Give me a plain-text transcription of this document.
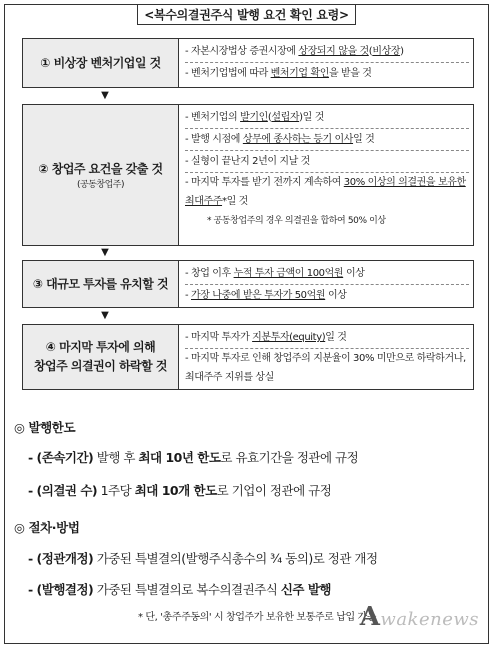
<복수의결권주식 발행 요건 확인 요령>
① 비상장 벤처기업일 것
- 자본시장법상 증권시장에 상장되지 않을 것(비상장)
- 벤처기업법에 따라 벤처기업 확인을 받을 것
▼
② 창업주 요건을 갖출 것
(공동창업주)
- 벤처기업의 발기인(설립자)일 것
- 발행 시점에 상무에 종사하는 등기 이사일 것
- 실형이 끝난지 2년이 지날 것
- 마지막 투자를 받기 전까지 계속하여 30% 이상의 의결권을 보유한 최대주주*일 것
* 공동창업주의 경우 의결권을 합하여 50% 이상
▼
③ 대규모 투자를 유치할 것
- 창업 이후 누적 투자 금액이 100억원 이상
- 가장 나중에 받은 투자가 50억원 이상
▼
④ 마지막 투자에 의해
창업주 의결권이 하락할 것
- 마지막 투자가 지분투자(equity)일 것
- 마지막 투자로 인해 창업주의 지분율이 30% 미만으로 하락하거나, 최대주주 지위를 상실
◎ 발행한도
- (존속기간) 발행 후 최대 10년 한도로 유효기간을 정관에 규정
- (의결권 수) 1주당 최대 10개 한도로 기업이 정관에 규정
◎ 절차·방법
- (정관개정) 가중된 특별결의(발행주식총수의 ¾ 동의)로 정관 개정
- (발행결정) 가중된 특별결의로 복수의결권주식 신주 발행
* 단, '총주주동의' 시 창업주가 보유한 보통주로 납입 가능
Awakenews
